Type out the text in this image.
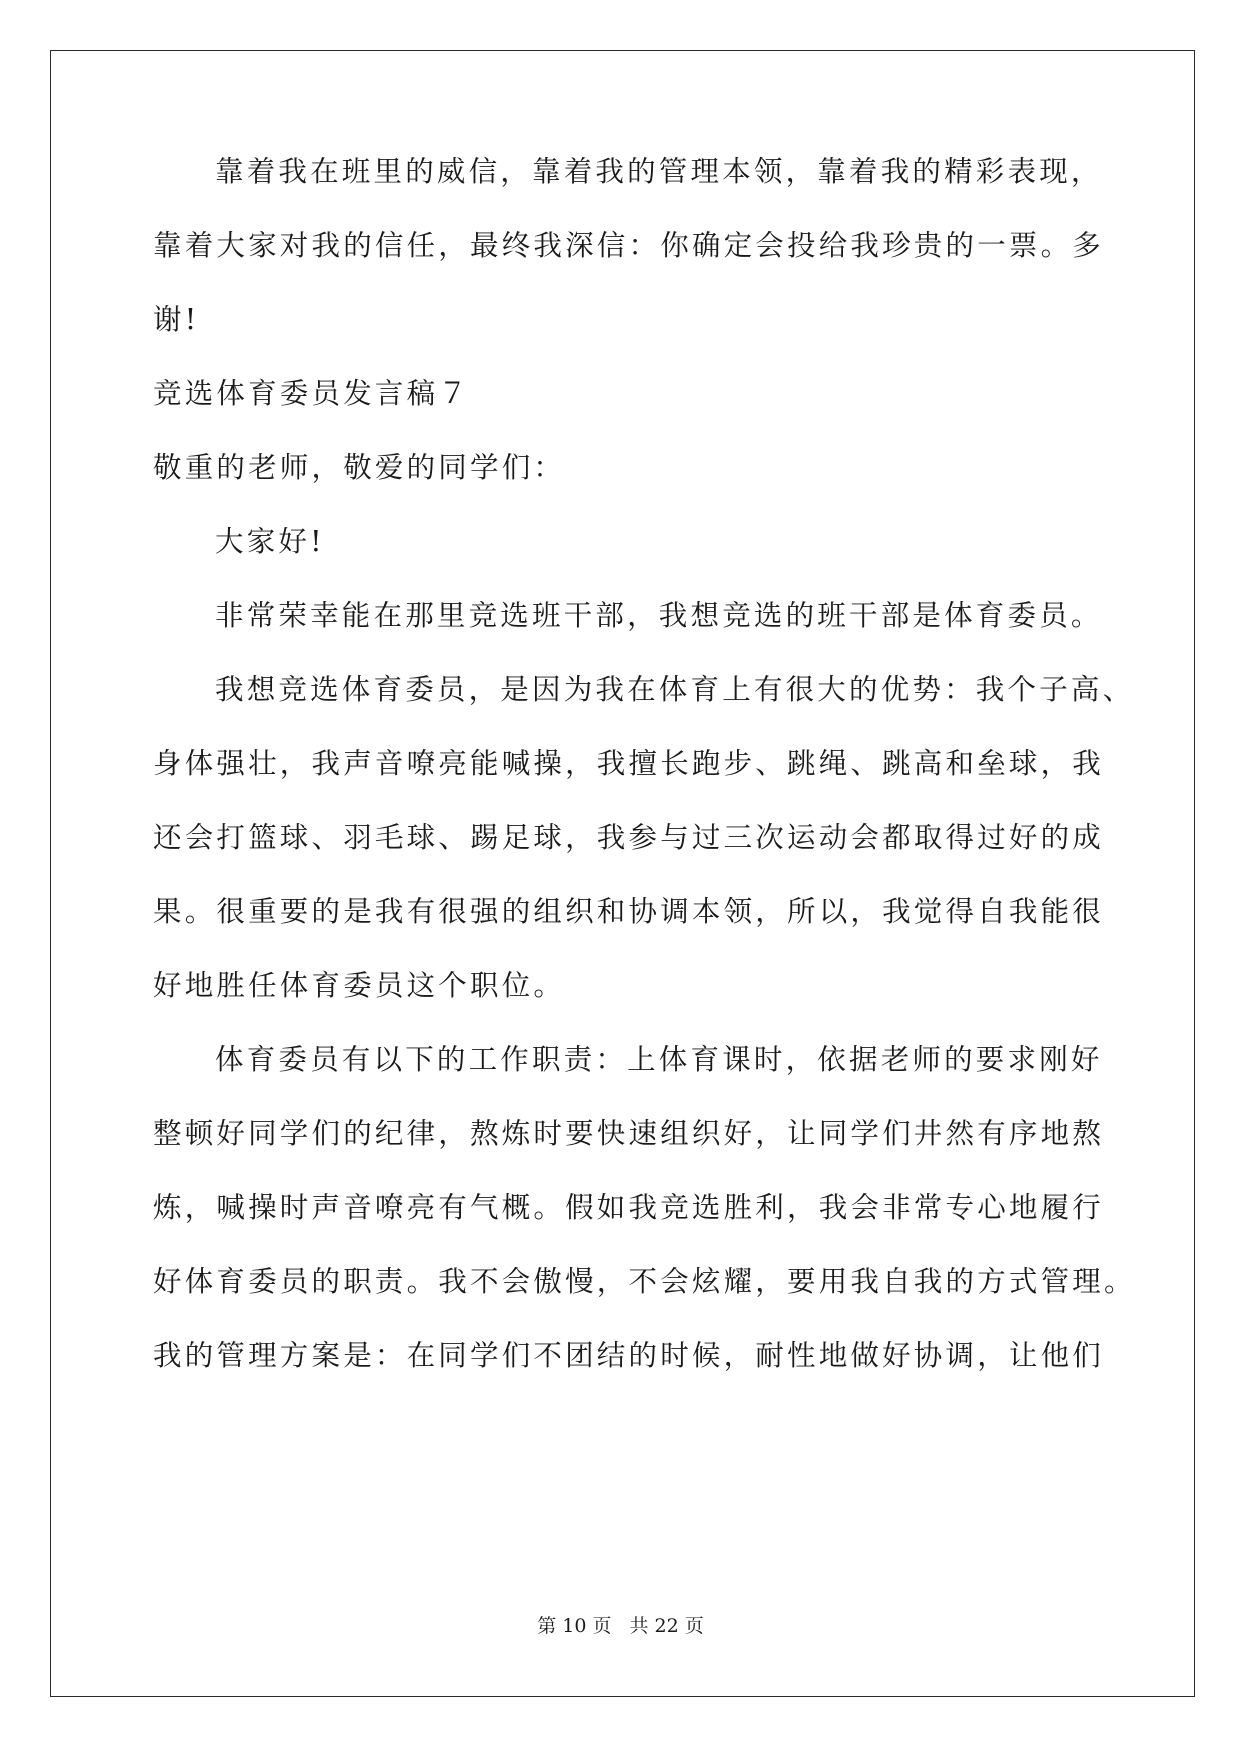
靠着我在班里的威信，靠着我的管理本领，靠着我的精彩表现，
靠着大家对我的信任，最终我深信：你确定会投给我珍贵的一票。多
谢!
竞选体育委员发言稿７
敬重的老师，敬爱的同学们：
大家好!
非常荣幸能在那里竞选班干部，我想竞选的班干部是体育委员。
我想竞选体育委员，是因为我在体育上有很大的优势：我个子高、
身体强壮，我声音嘹亮能喊操，我擅长跑步、跳绳、跳高和垒球，我
还会打篮球、羽毛球、踢足球，我参与过三次运动会都取得过好的成
果。很重要的是我有很强的组织和协调本领，所以，我觉得自我能很
好地胜任体育委员这个职位。
体育委员有以下的工作职责：上体育课时，依据老师的要求刚好
整顿好同学们的纪律，熬炼时要快速组织好，让同学们井然有序地熬
炼，喊操时声音嘹亮有气概。假如我竞选胜利，我会非常专心地履行
好体育委员的职责。我不会傲慢，不会炫耀，要用我自我的方式管理。
我的管理方案是：在同学们不团结的时候，耐性地做好协调，让他们
第 10 页 共 22 页
